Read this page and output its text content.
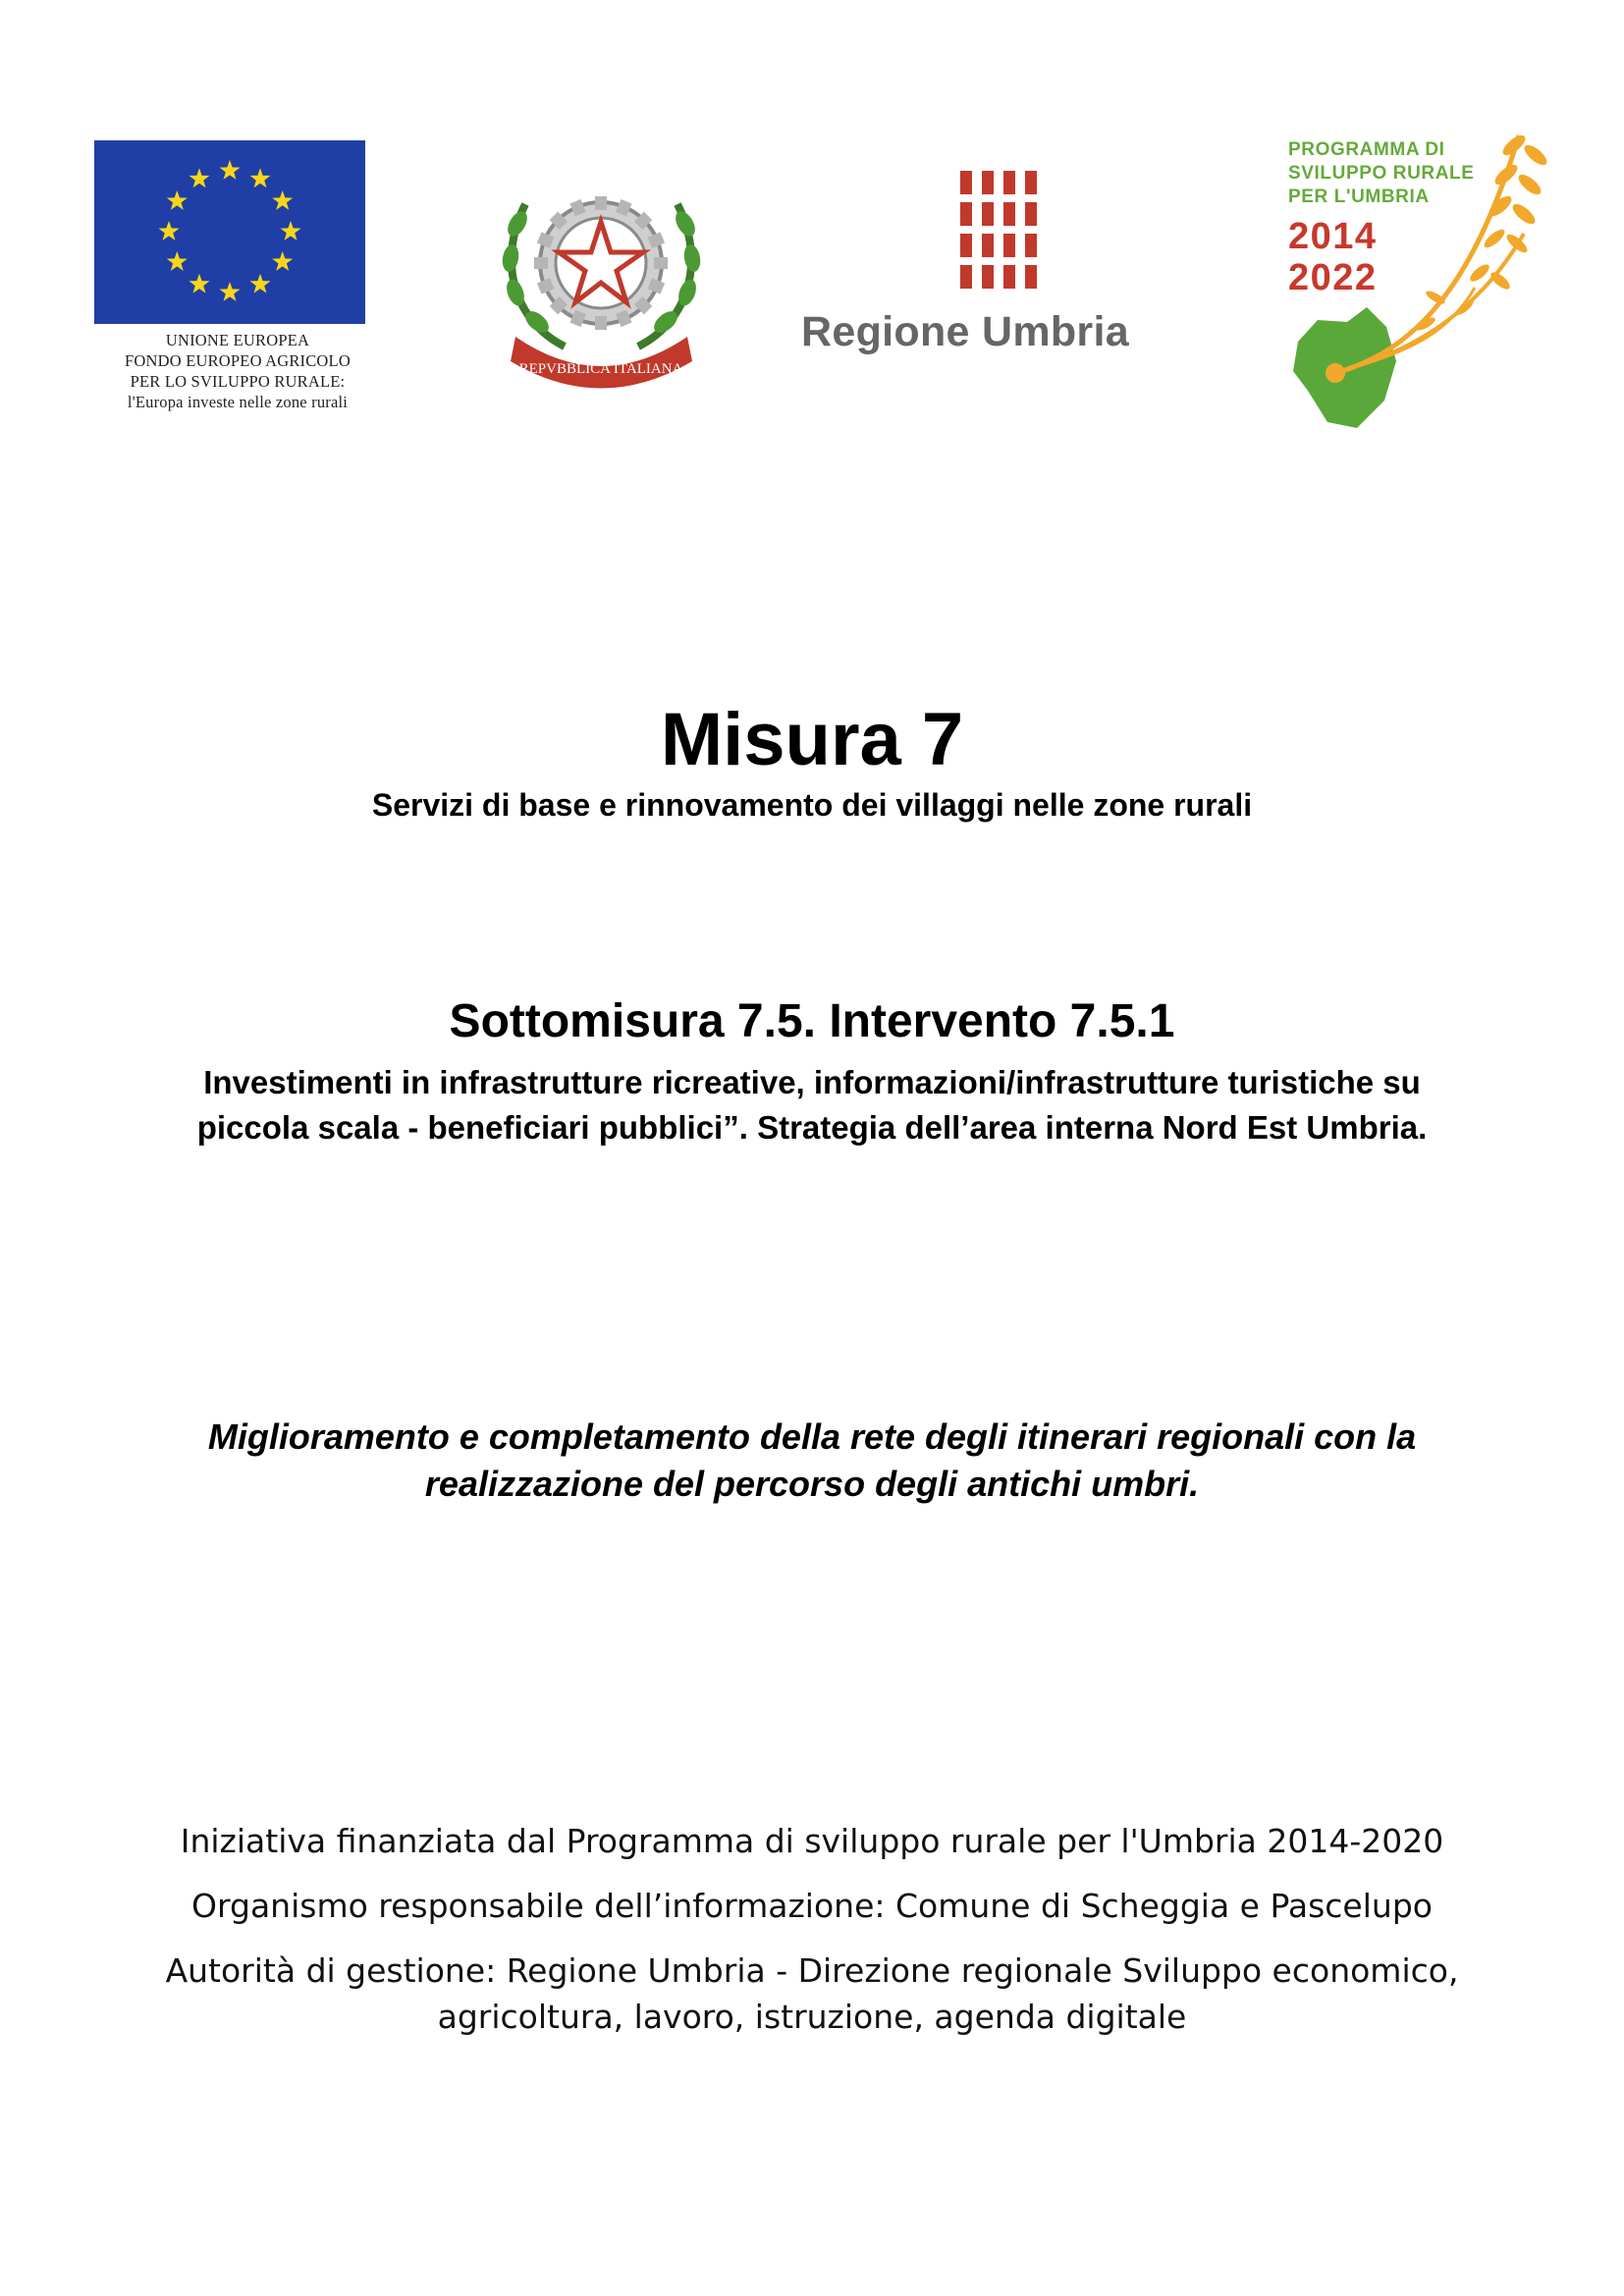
UNIONE EUROPEA
FONDO EUROPEO AGRICOLO
PER LO SVILUPPO RURALE:
l'Europa investe nelle zone rurali
REPVBBLICA ITALIANA
Regione Umbria
PROGRAMMA DI
SVILUPPO RURALE
PER L'UMBRIA
2014
2022
Misura 7
Servizi di base e rinnovamento dei villaggi nelle zone rurali
Sottomisura 7.5. Intervento 7.5.1
Investimenti in infrastrutture ricreative, informazioni/infrastrutture turistiche su
piccola scala - beneficiari pubblici”. Strategia dell’area interna Nord Est Umbria.
Miglioramento e completamento della rete degli itinerari regionali con la
realizzazione del percorso degli antichi umbri.
Iniziativa finanziata dal Programma di sviluppo rurale per l'Umbria 2014-2020
Organismo responsabile dell’informazione: Comune di Scheggia e Pascelupo
Autorità di gestione: Regione Umbria - Direzione regionale Sviluppo economico,
agricoltura, lavoro, istruzione, agenda digitale
